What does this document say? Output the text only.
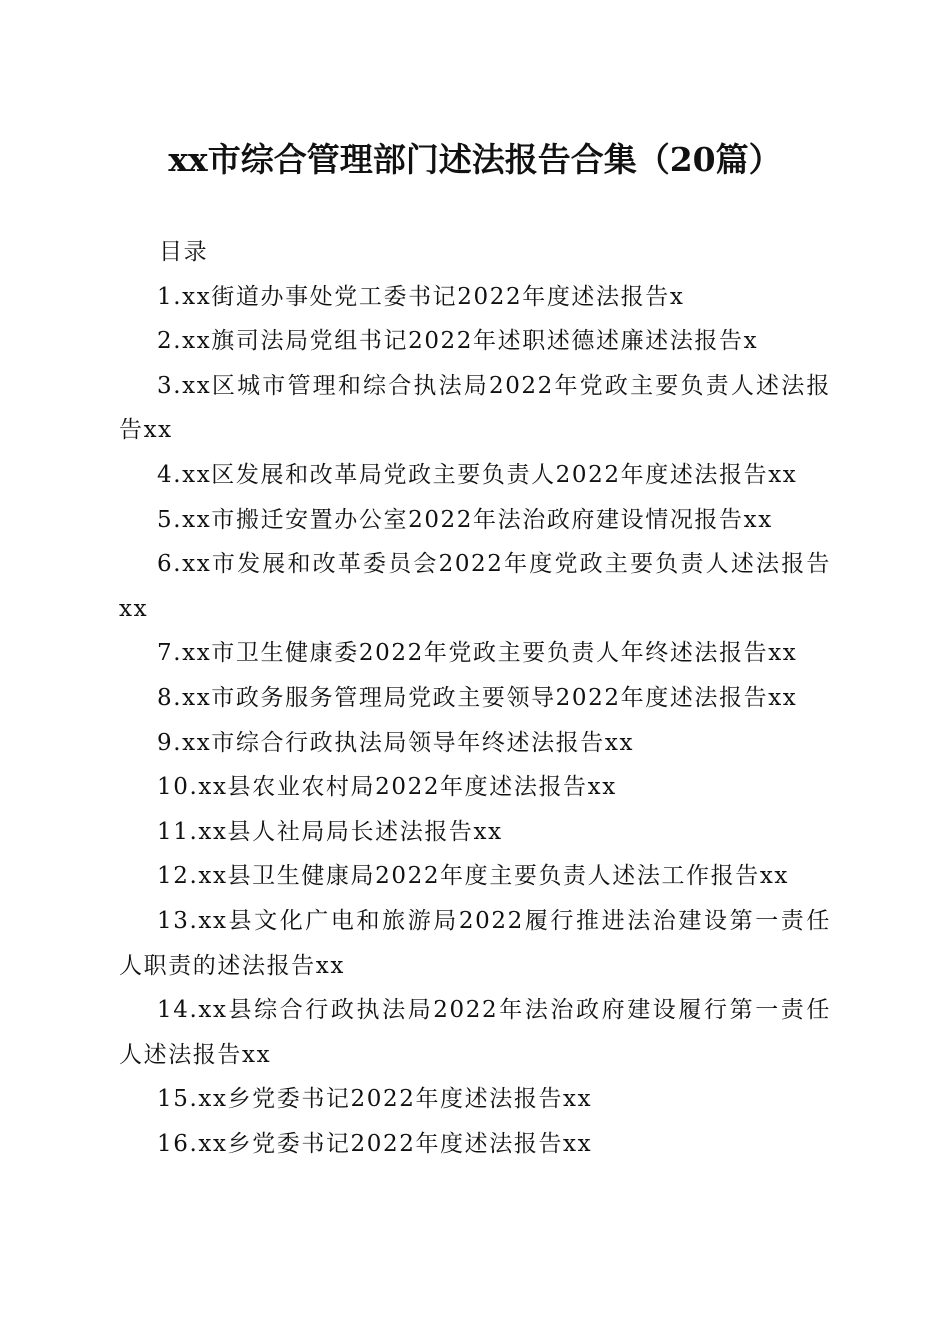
xx市综合管理部门述法报告合集（20篇）

目录

1.xx街道办事处党工委书记2022年度述法报告x
2.xx旗司法局党组书记2022年述职述德述廉述法报告x
3.xx区城市管理和综合执法局2022年党政主要负责人述法报告xx
4.xx区发展和改革局党政主要负责人2022年度述法报告xx
5.xx市搬迁安置办公室2022年法治政府建设情况报告xx
6.xx市发展和改革委员会2022年度党政主要负责人述法报告xx
7.xx市卫生健康委2022年党政主要负责人年终述法报告xx
8.xx市政务服务管理局党政主要领导2022年度述法报告xx
9.xx市综合行政执法局领导年终述法报告xx
10.xx县农业农村局2022年度述法报告xx
11.xx县人社局局长述法报告xx
12.xx县卫生健康局2022年度主要负责人述法工作报告xx
13.xx县文化广电和旅游局2022履行推进法治建设第一责任人职责的述法报告xx
14.xx县综合行政执法局2022年法治政府建设履行第一责任人述法报告xx
15.xx乡党委书记2022年度述法报告xx
16.xx乡党委书记2022年度述法报告xx
